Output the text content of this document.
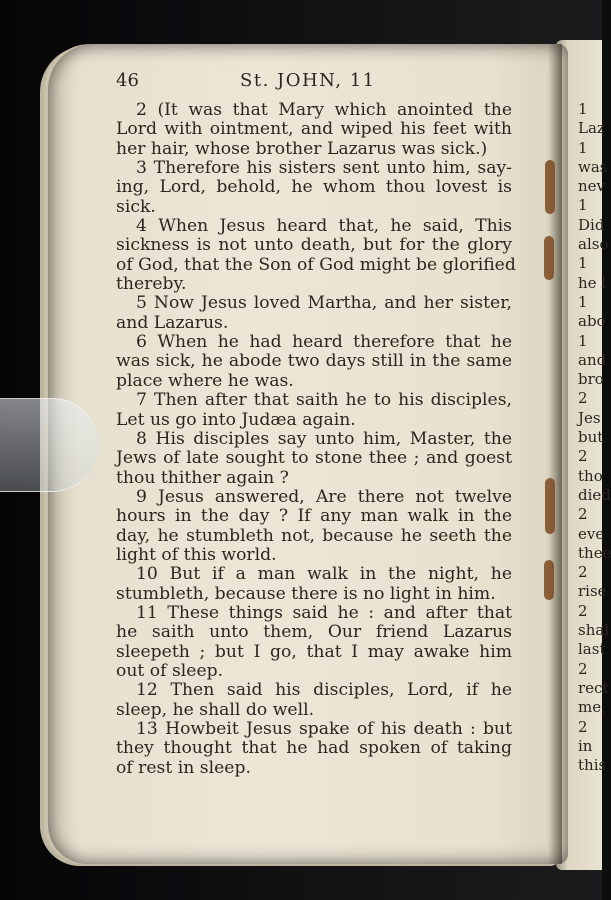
46	St. JOHN, 11
2 (It was that Mary which anointed the
Lord with ointment, and wiped his feet with
her hair, whose brother Lazarus was sick.)
3 Therefore his sisters sent unto him, say-
ing, Lord, behold, he whom thou lovest is
sick.
4 When Jesus heard that, he said, This
sickness is not unto death, but for the glory
of God, that the Son of God might be glorified
thereby.
5 Now Jesus loved Martha, and her sister,
and Lazarus.
6 When he had heard therefore that he
was sick, he abode two days still in the same
place where he was.
7 Then after that saith he to his disciples,
Let us go into Judæa again.
8 His disciples say unto him, Master, the
Jews of late sought to stone thee ; and goest
thou thither again ?
9 Jesus answered, Are there not twelve
hours in the day ? If any man walk in the
day, he stumbleth not, because he seeth the
light of this world.
10 But if a man walk in the night, he
stumbleth, because there is no light in him.
11 These things said he : and after that
he saith unto them, Our friend Lazarus
sleepeth ; but I go, that I may awake him
out of sleep.
12 Then said his disciples, Lord, if he
sleep, he shall do well.
13 Howbeit Jesus spake of his death : but
they thought that he had spoken of taking
of rest in sleep.
1
Laz
1
was
nev
1
Did
also
1
he l
1
abo
1
and
bro
2
Jes
but
2
tho
died
2
eve
thee
2
rise
2
shal
last
2
rect
me,
2
in
this
